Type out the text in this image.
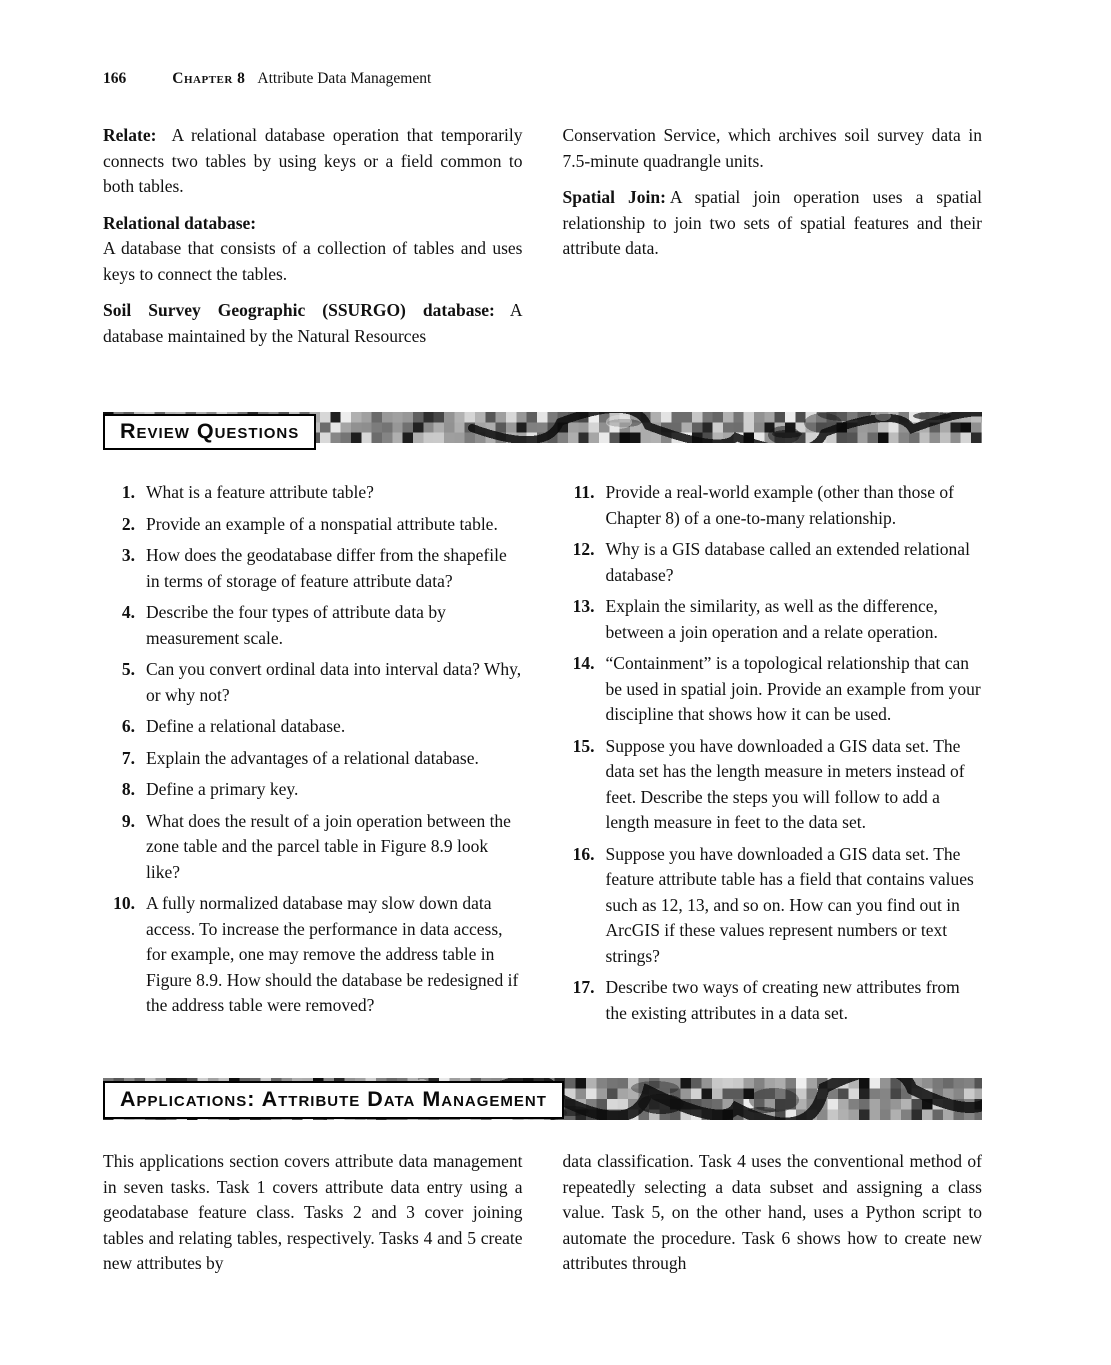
166	Chapter 8 Attribute Data Management

Relate: A relational database operation that temporarily connects two tables by using keys or a field common to both tables.

Relational database:
A database that consists of a collection of tables and uses keys to connect the tables.

Soil Survey Geographic (SSURGO) database: A database maintained by the Natural Resources

Conservation Service, which archives soil survey data in 7.5-minute quadrangle units.

Spatial Join: A spatial join operation uses a spatial relationship to join two sets of spatial features and their attribute data.

Review Questions
1. What is a feature attribute table?
2. Provide an example of a nonspatial attribute table.
3. How does the geodatabase differ from the shapefile in terms of storage of feature attribute data?
4. Describe the four types of attribute data by measurement scale.
5. Can you convert ordinal data into interval data? Why, or why not?
6. Define a relational database.
7. Explain the advantages of a relational database.
8. Define a primary key.
9. What does the result of a join operation between the zone table and the parcel table in Figure 8.9 look like?
10. A fully normalized database may slow down data access. To increase the performance in data access, for example, one may remove the address table in Figure 8.9. How should the database be redesigned if the address table were removed?
11. Provide a real-world example (other than those of Chapter 8) of a one-to-many relationship.
12. Why is a GIS database called an extended relational database?
13. Explain the similarity, as well as the difference, between a join operation and a relate operation.
14. “Containment” is a topological relationship that can be used in spatial join. Provide an example from your discipline that shows how it can be used.
15. Suppose you have downloaded a GIS data set. The data set has the length measure in meters instead of feet. Describe the steps you will follow to add a length measure in feet to the data set.
16. Suppose you have downloaded a GIS data set. The feature attribute table has a field that contains values such as 12, 13, and so on. How can you find out in ArcGIS if these values represent numbers or text strings?
17. Describe two ways of creating new attributes from the existing attributes in a data set.
Applications: Attribute Data Management

This applications section covers attribute data management in seven tasks. Task 1 covers attribute data entry using a geodatabase feature class. Tasks 2 and 3 cover joining tables and relating tables, respectively. Tasks 4 and 5 create new attributes by

data classification. Task 4 uses the conventional method of repeatedly selecting a data subset and assigning a class value. Task 5, on the other hand, uses a Python script to automate the procedure. Task 6 shows how to create new attributes through
